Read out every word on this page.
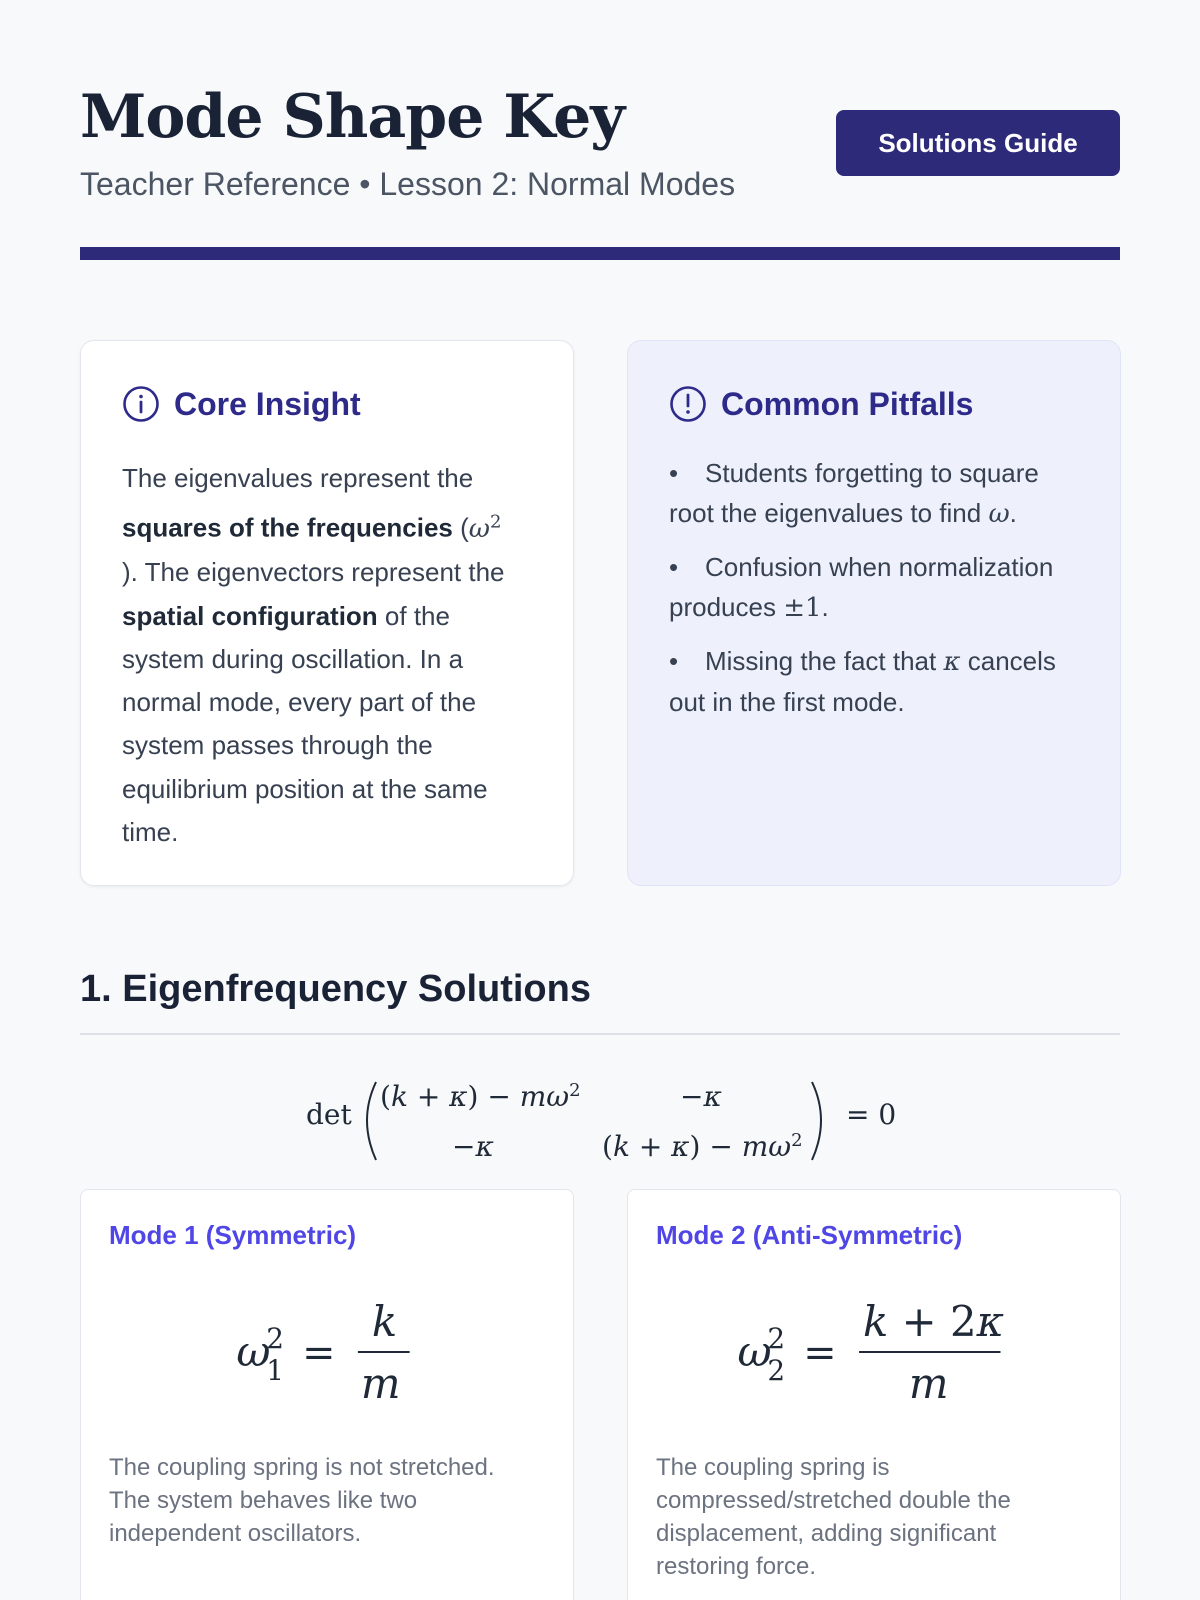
Mode Shape Key
Teacher Reference • Lesson 2: Normal Modes
Solutions Guide
Core Insight

The eigenvalues represent the squares of the frequencies ($\omega^2$
). The eigenvectors represent the spatial configuration of the system during oscillation. In a normal mode, every part of the system passes through the equilibrium position at the same time.

Common Pitfalls
• Students forgetting to square root the eigenvalues to find ω.
• Confusion when normalization produces ±1.
• Missing the fact that κ cancels out in the first mode.
1. Eigenfrequency Solutions
det
$(k + \kappa) - m\omega^2$	−κ
−κ	$(k + \kappa) - m\omega^2$
= 0
Mode 1 (Symmetric)
ω
2
1 =
k
m

The coupling spring is not stretched. The system behaves like two independent oscillators.

Mode 2 (Anti-Symmetric)
ω
2
2 =
k + 2κ
m

The coupling spring is compressed/stretched double the displacement, adding significant restoring force.
